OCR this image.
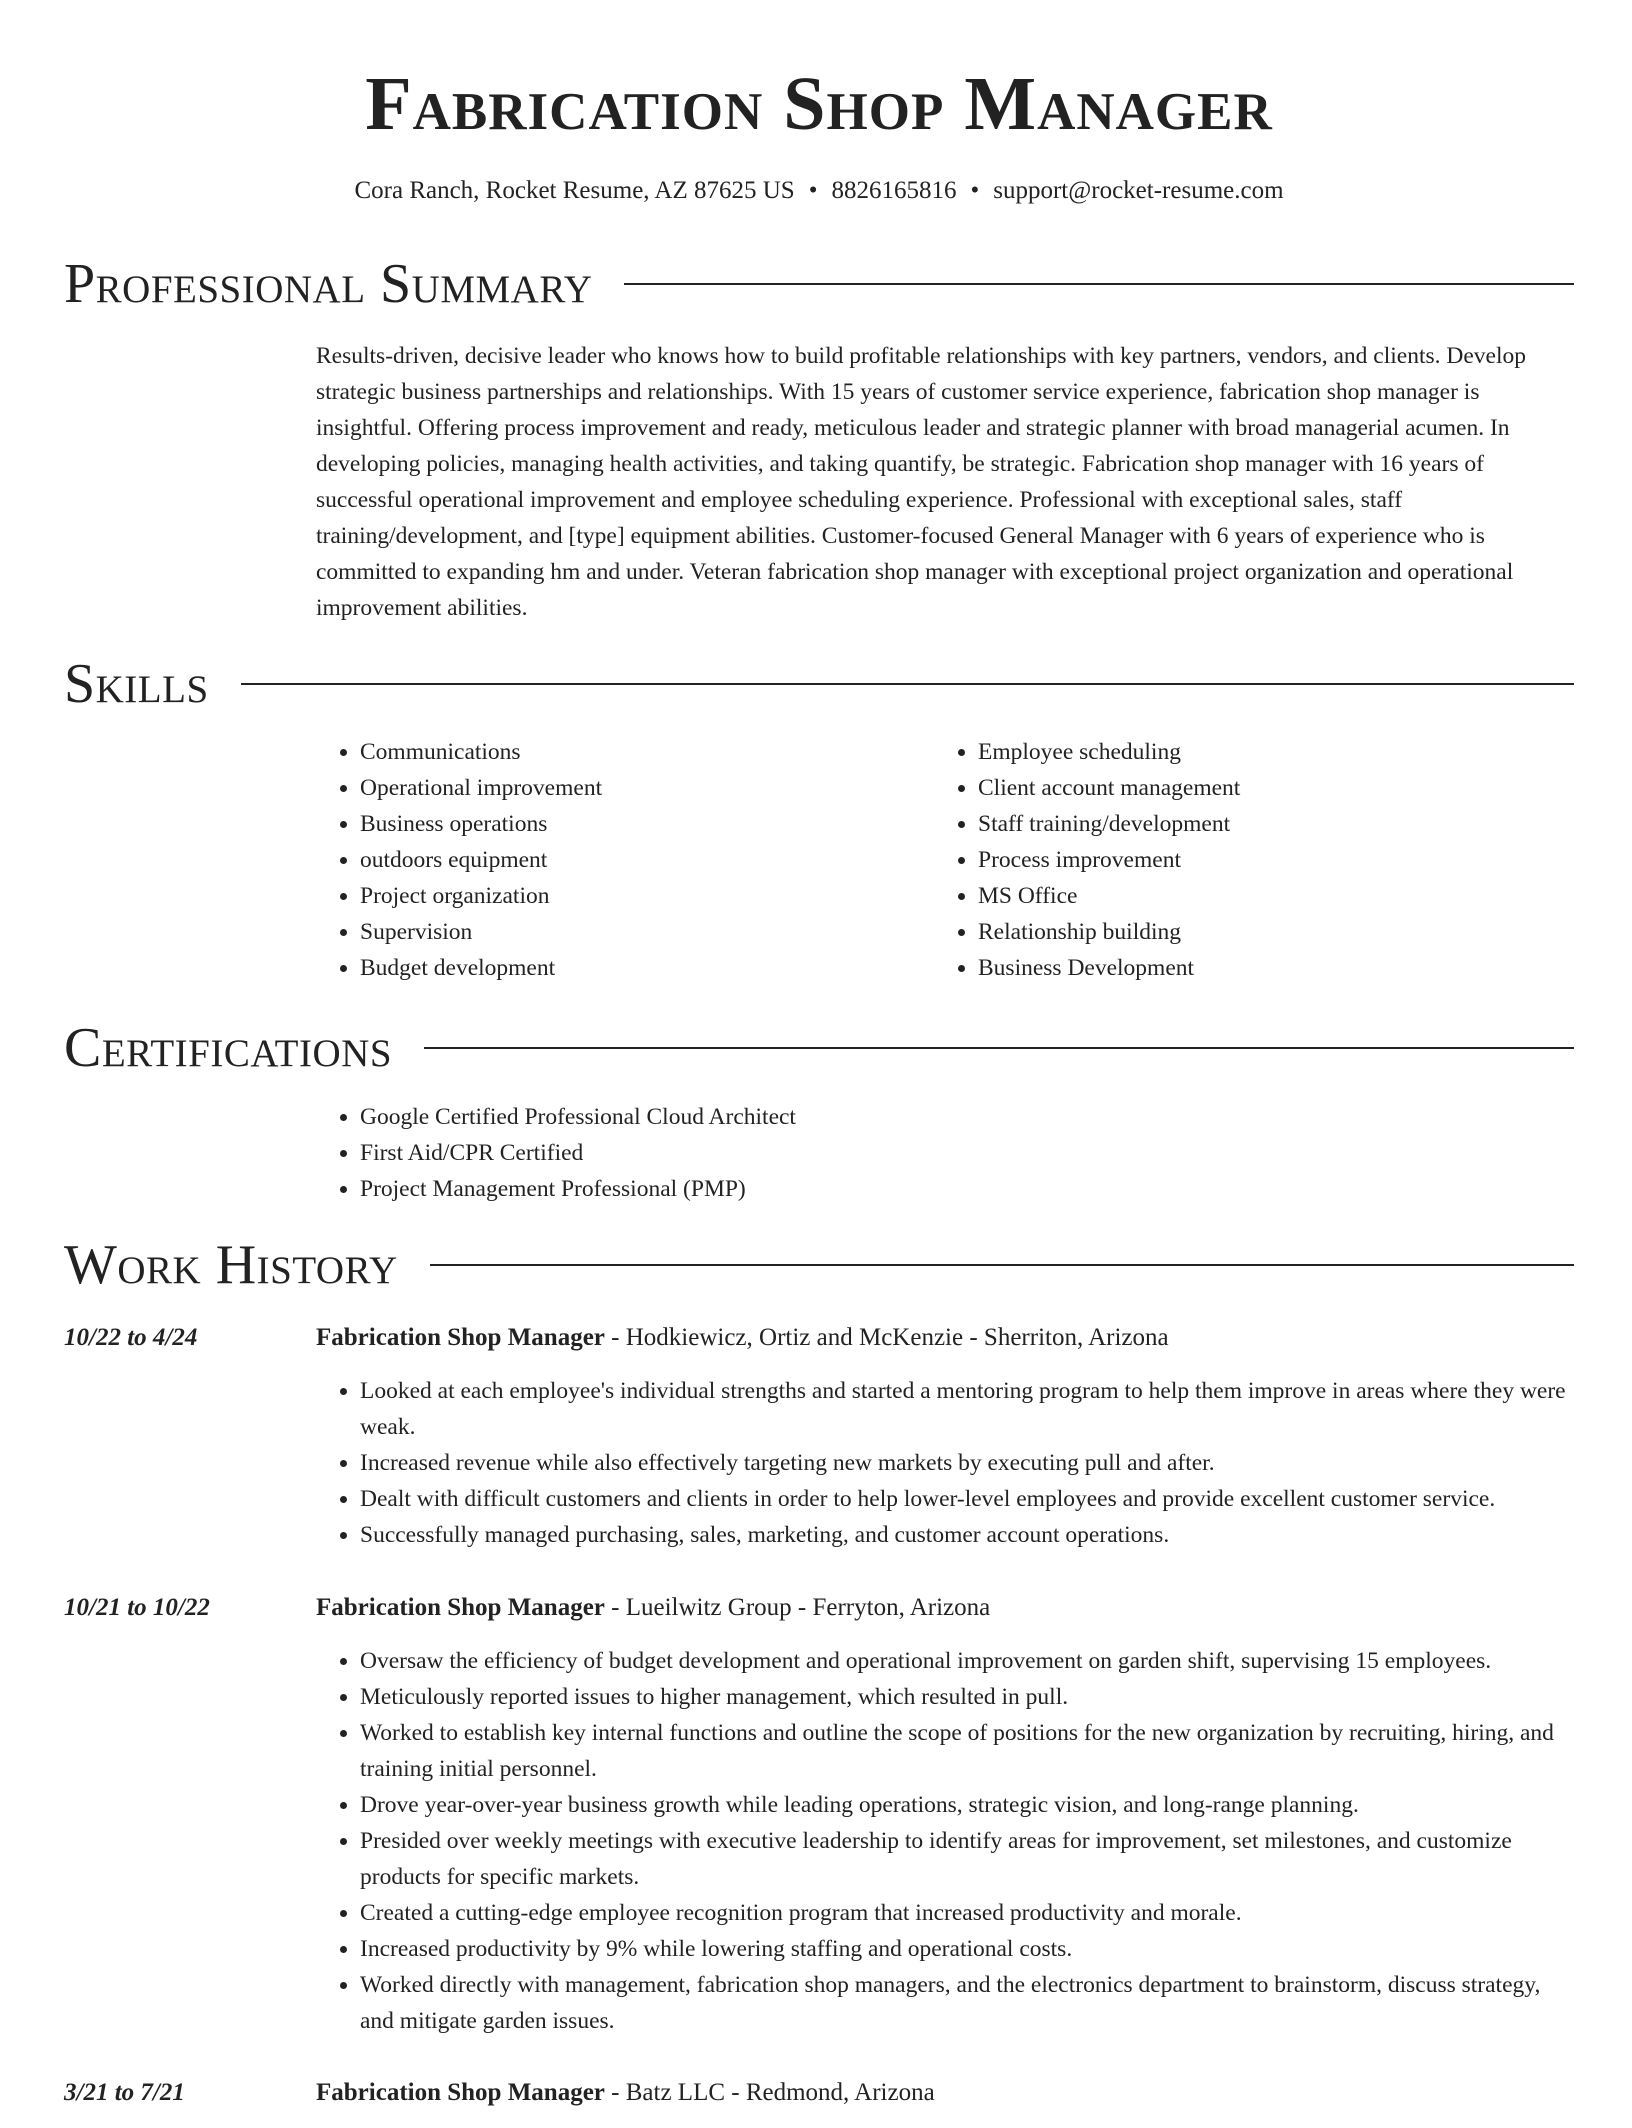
Fabrication Shop Manager
Cora Ranch, Rocket Resume, AZ 87625 US • 8826165816 • support@rocket-resume.com
Professional Summary

Results-driven, decisive leader who knows how to build profitable relationships with key partners, vendors, and clients. Develop strategic business partnerships and relationships. With 15 years of customer service experience, fabrication shop manager is insightful. Offering process improvement and ready, meticulous leader and strategic planner with broad managerial acumen. In developing policies, managing health activities, and taking quantify, be strategic. Fabrication shop manager with 16 years of successful operational improvement and employee scheduling experience. Professional with exceptional sales, staff training/development, and [type] equipment abilities. Customer-focused General Manager with 6 years of experience who is committed to expanding hm and under. Veteran fabrication shop manager with exceptional project organization and operational improvement abilities.

Skills
• Communications
• Operational improvement
• Business operations
• outdoors equipment
• Project organization
• Supervision
• Budget development
• Employee scheduling
• Client account management
• Staff training/development
• Process improvement
• MS Office
• Relationship building
• Business Development
Certifications
• Google Certified Professional Cloud Architect
• First Aid/CPR Certified
• Project Management Professional (PMP)
Work History
10/22 to 4/24	Fabrication Shop Manager - Hodkiewicz, Ortiz and McKenzie - Sherriton, Arizona
• Looked at each employee's individual strengths and started a mentoring program to help them improve in areas where they were weak.
• Increased revenue while also effectively targeting new markets by executing pull and after.
• Dealt with difficult customers and clients in order to help lower-level employees and provide excellent customer service.
• Successfully managed purchasing, sales, marketing, and customer account operations.
10/21 to 10/22	Fabrication Shop Manager - Lueilwitz Group - Ferryton, Arizona
• Oversaw the efficiency of budget development and operational improvement on garden shift, supervising 15 employees.
• Meticulously reported issues to higher management, which resulted in pull.
• Worked to establish key internal functions and outline the scope of positions for the new organization by recruiting, hiring, and training initial personnel.
• Drove year-over-year business growth while leading operations, strategic vision, and long-range planning.
• Presided over weekly meetings with executive leadership to identify areas for improvement, set milestones, and customize products for specific markets.
• Created a cutting-edge employee recognition program that increased productivity and morale.
• Increased productivity by 9% while lowering staffing and operational costs.
• Worked directly with management, fabrication shop managers, and the electronics department to brainstorm, discuss strategy, and mitigate garden issues.
3/21 to 7/21	Fabrication Shop Manager - Batz LLC - Redmond, Arizona
